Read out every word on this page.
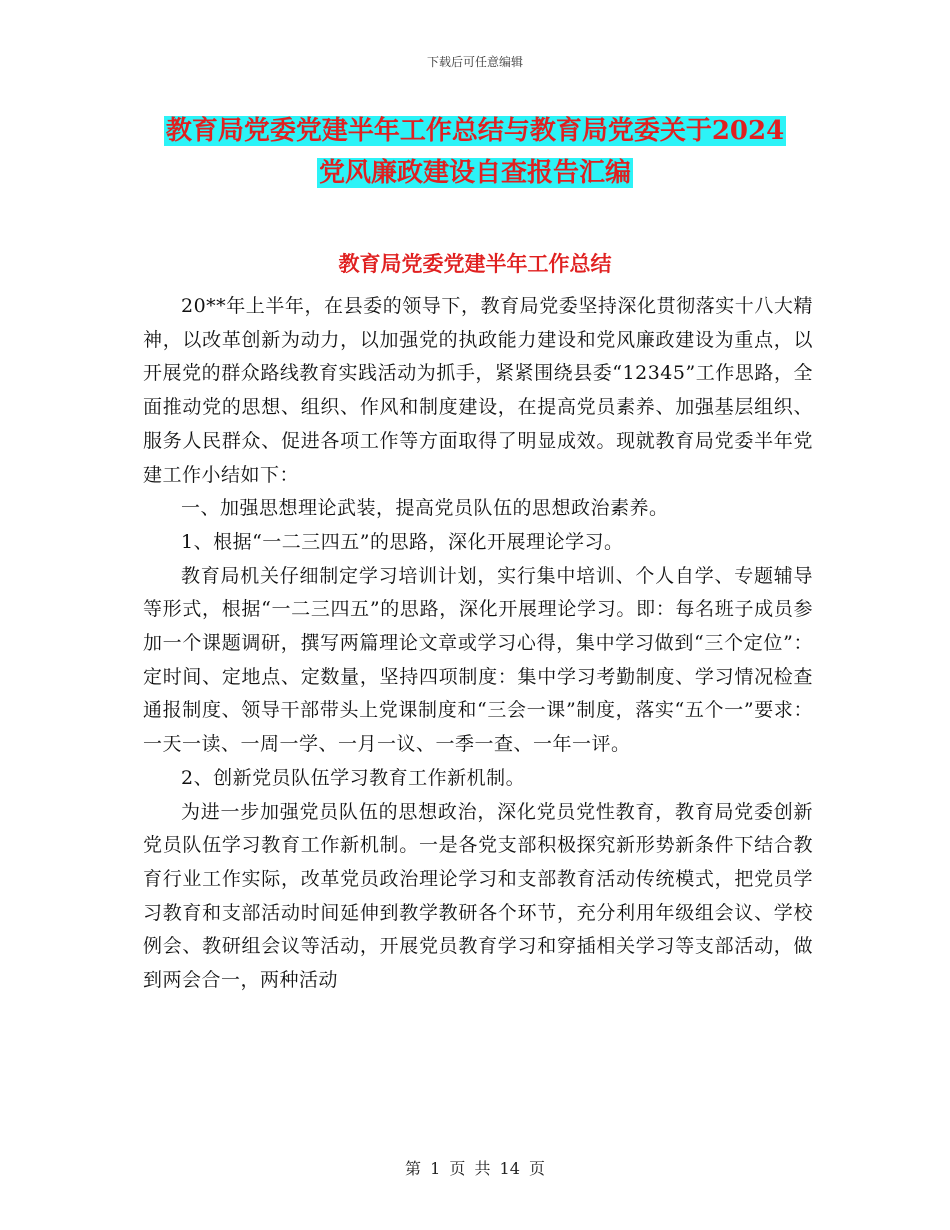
下载后可任意编辑
教育局党委党建半年工作总结与教育局党委关于2024
党风廉政建设自查报告汇编
教育局党委党建半年工作总结

20**年上半年，在县委的领导下，教育局党委坚持深化贯彻落实十八大精神，以改革创新为动力，以加强党的执政能力建设和党风廉政建设为重点，以开展党的群众路线教育实践活动为抓手，紧紧围绕县委“12345”工作思路，全面推动党的思想、组织、作风和制度建设，在提高党员素养、加强基层组织、服务人民群众、促进各项工作等方面取得了明显成效。现就教育局党委半年党建工作小结如下：

一、加强思想理论武装，提高党员队伍的思想政治素养。

1、根据“一二三四五”的思路，深化开展理论学习。

教育局机关仔细制定学习培训计划，实行集中培训、个人自学、专题辅导等形式，根据“一二三四五”的思路，深化开展理论学习。即：每名班子成员参加一个课题调研，撰写两篇理论文章或学习心得，集中学习做到“三个定位”：定时间、定地点、定数量，坚持四项制度：集中学习考勤制度、学习情况检查通报制度、领导干部带头上党课制度和“三会一课”制度，落实“五个一”要求：一天一读、一周一学、一月一议、一季一查、一年一评。

2、创新党员队伍学习教育工作新机制。

为进一步加强党员队伍的思想政治，深化党员党性教育，教育局党委创新党员队伍学习教育工作新机制。一是各党支部积极探究新形势新条件下结合教育行业工作实际，改革党员政治理论学习和支部教育活动传统模式，把党员学习教育和支部活动时间延伸到教学教研各个环节，充分利用年级组会议、学校例会、教研组会议等活动，开展党员教育学习和穿插相关学习等支部活动，做到两会合一，两种活动

第 1 页 共 14 页
